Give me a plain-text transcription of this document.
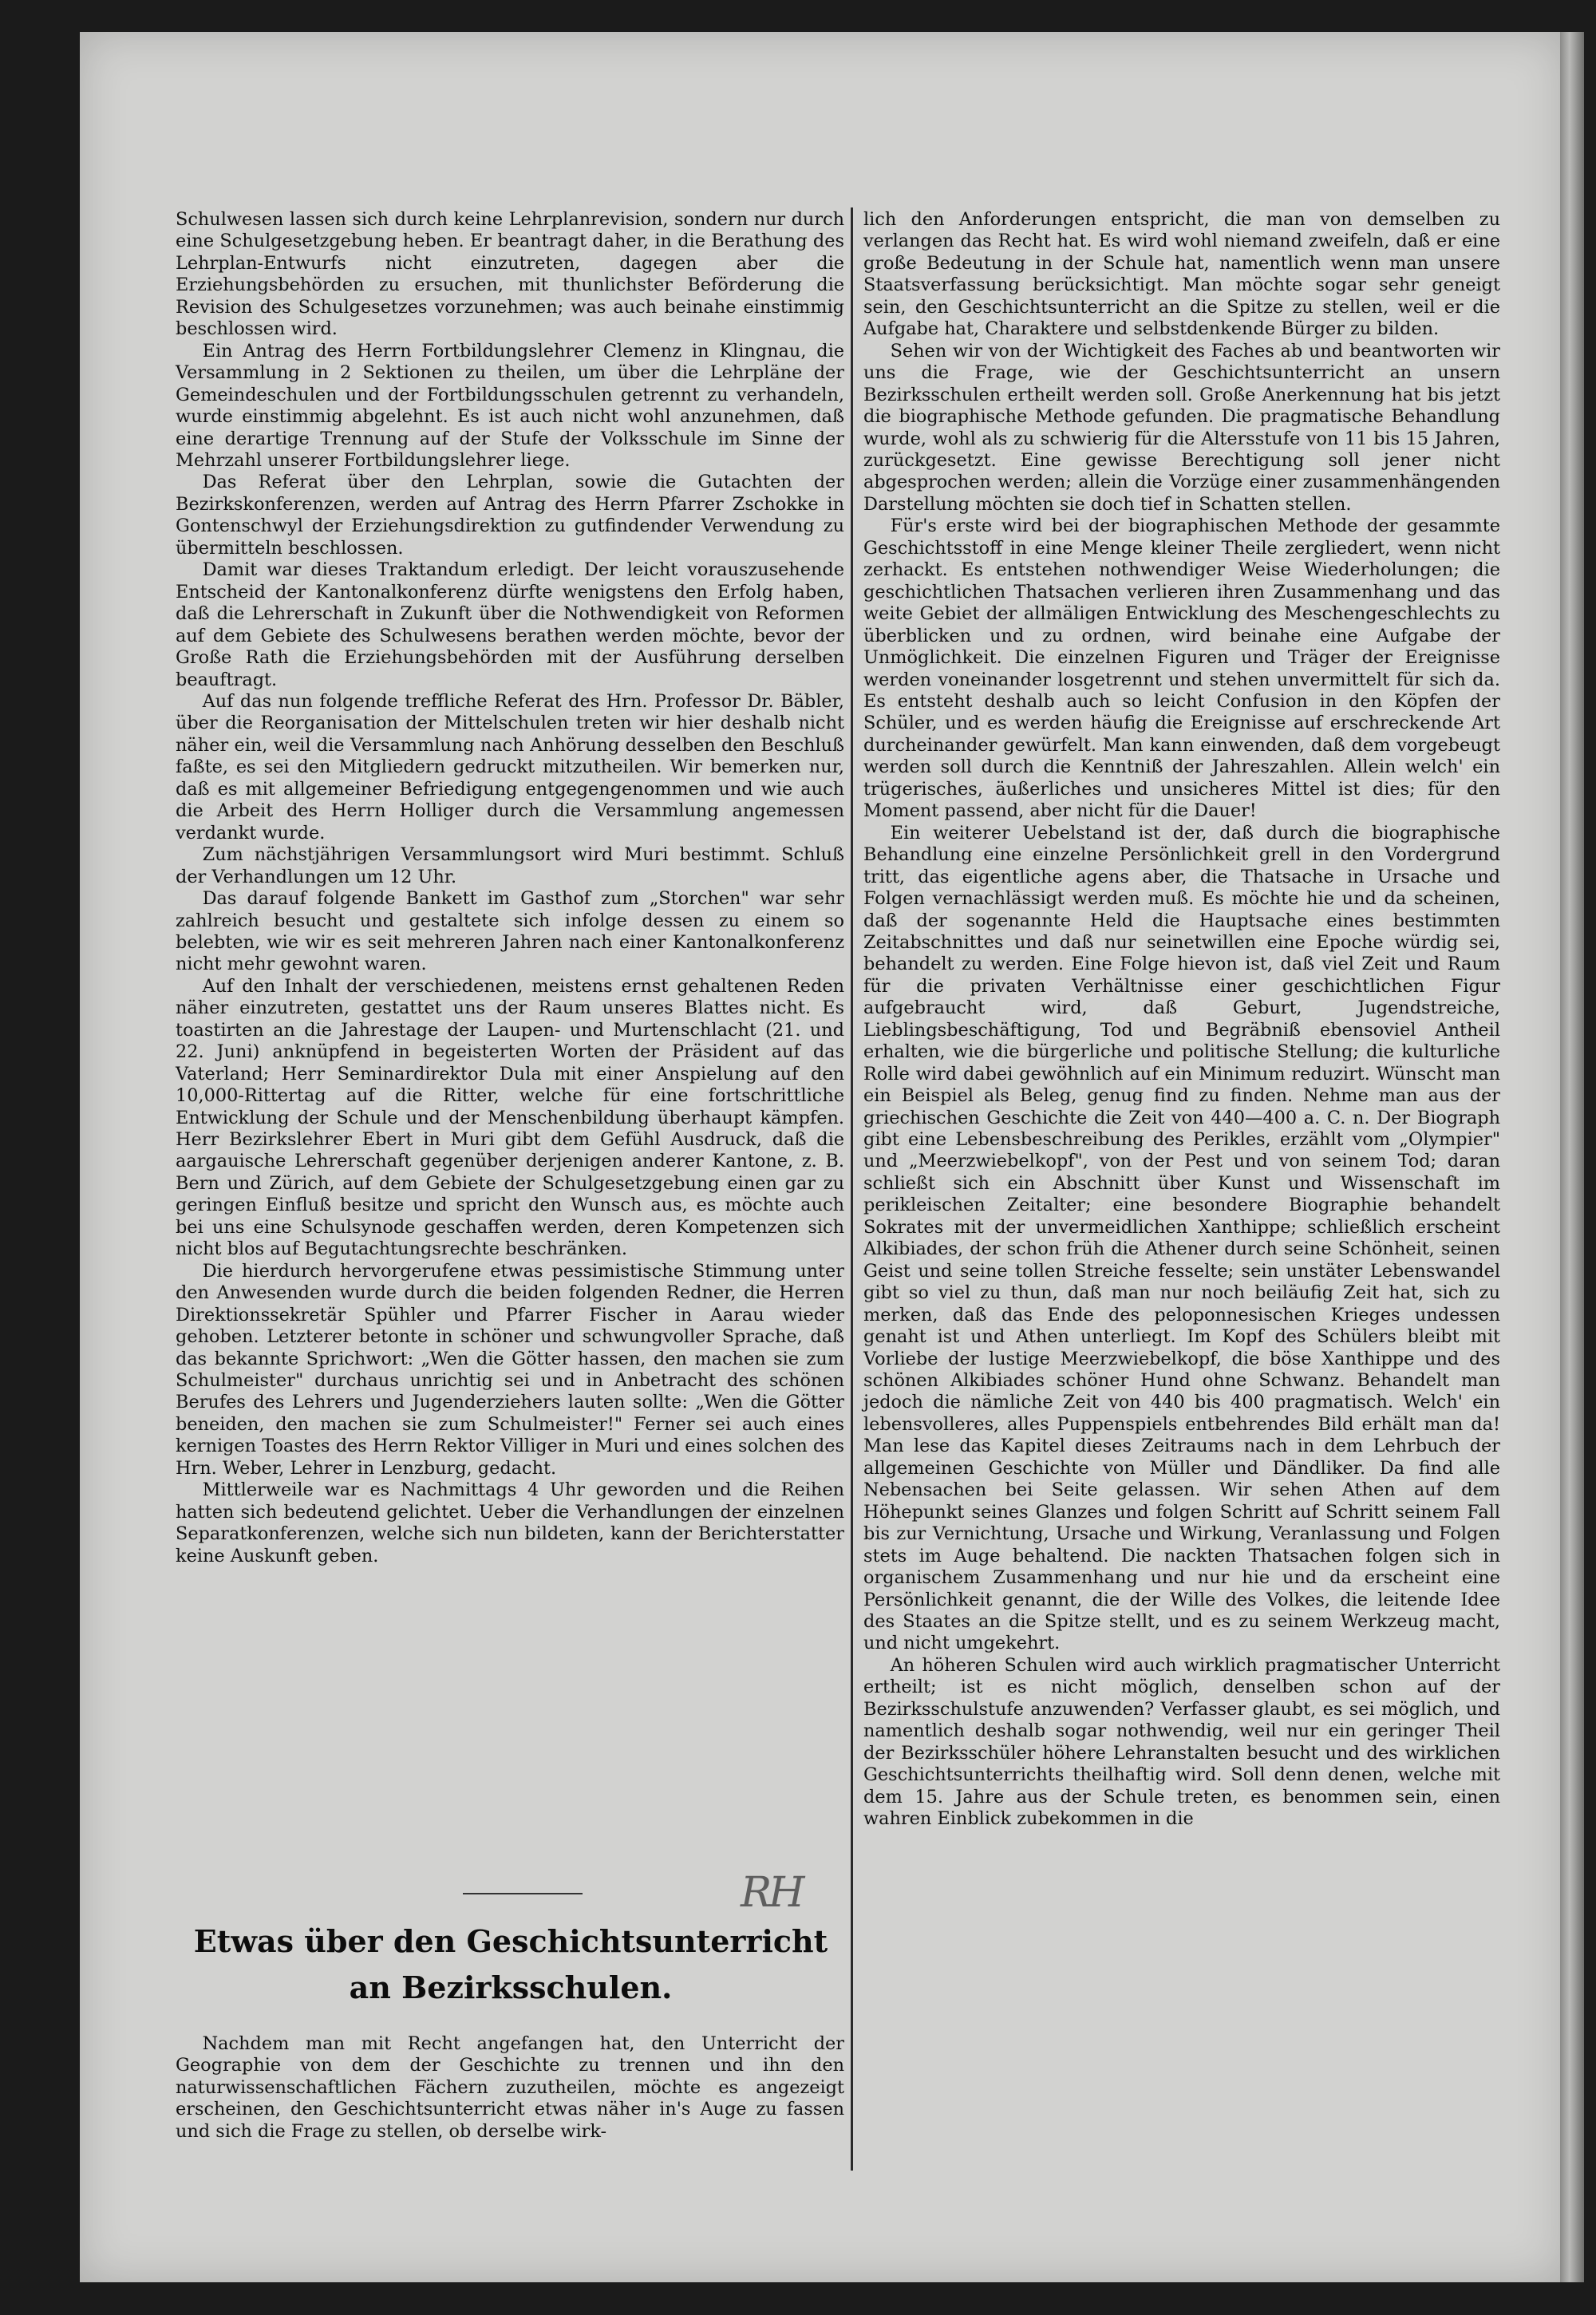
Schulwesen lassen sich durch keine Lehrplanrevision, sondern nur durch eine Schulgesetzgebung heben. Er beantragt daher, in die Berathung des Lehrplan-Entwurfs nicht einzutreten, dagegen aber die Erziehungsbehörden zu ersuchen, mit thunlichster Beförderung die Revision des Schulgesetzes vorzunehmen; was auch beinahe einstimmig beschlossen wird.

Ein Antrag des Herrn Fortbildungslehrer Clemenz in Klingnau, die Versammlung in 2 Sektionen zu theilen, um über die Lehrpläne der Gemeindeschulen und der Fortbildungsschulen getrennt zu verhandeln, wurde einstimmig abgelehnt. Es ist auch nicht wohl anzunehmen, daß eine derartige Trennung auf der Stufe der Volksschule im Sinne der Mehrzahl unserer Fortbildungslehrer liege.

Das Referat über den Lehrplan, sowie die Gutachten der Bezirkskonferenzen, werden auf Antrag des Herrn Pfarrer Zschokke in Gontenschwyl der Erziehungsdirektion zu gutfindender Verwendung zu übermitteln beschlossen.

Damit war dieses Traktandum erledigt. Der leicht vorauszusehende Entscheid der Kantonalkonferenz dürfte wenigstens den Erfolg haben, daß die Lehrerschaft in Zukunft über die Nothwendigkeit von Reformen auf dem Gebiete des Schulwesens berathen werden möchte, bevor der Große Rath die Erziehungsbehörden mit der Ausführung derselben beauftragt.

Auf das nun folgende treffliche Referat des Hrn. Professor Dr. Bäbler, über die Reorganisation der Mittelschulen treten wir hier deshalb nicht näher ein, weil die Versammlung nach Anhörung desselben den Beschluß faßte, es sei den Mitgliedern gedruckt mitzutheilen. Wir bemerken nur, daß es mit allgemeiner Befriedigung entgegengenommen und wie auch die Arbeit des Herrn Holliger durch die Versammlung angemessen verdankt wurde.

Zum nächstjährigen Versammlungsort wird Muri bestimmt. Schluß der Verhandlungen um 12 Uhr.

Das darauf folgende Bankett im Gasthof zum „Storchen" war sehr zahlreich besucht und gestaltete sich infolge dessen zu einem so belebten, wie wir es seit mehreren Jahren nach einer Kantonalkonferenz nicht mehr gewohnt waren.

Auf den Inhalt der verschiedenen, meistens ernst gehaltenen Reden näher einzutreten, gestattet uns der Raum unseres Blattes nicht. Es toastirten an die Jahrestage der Laupen- und Murtenschlacht (21. und 22. Juni) anknüpfend in begeisterten Worten der Präsident auf das Vaterland; Herr Seminardirektor Dula mit einer Anspielung auf den 10,000-Rittertag auf die Ritter, welche für eine fortschrittliche Entwicklung der Schule und der Menschenbildung überhaupt kämpfen. Herr Bezirkslehrer Ebert in Muri gibt dem Gefühl Ausdruck, daß die aargauische Lehrerschaft gegenüber derjenigen anderer Kantone, z. B. Bern und Zürich, auf dem Gebiete der Schulgesetzgebung einen gar zu geringen Einfluß besitze und spricht den Wunsch aus, es möchte auch bei uns eine Schulsynode geschaffen werden, deren Kompetenzen sich nicht blos auf Begutachtungsrechte beschränken.

Die hierdurch hervorgerufene etwas pessimistische Stimmung unter den Anwesenden wurde durch die beiden folgenden Redner, die Herren Direktionssekretär Spühler und Pfarrer Fischer in Aarau wieder gehoben. Letzterer betonte in schöner und schwungvoller Sprache, daß das bekannte Sprichwort: „Wen die Götter hassen, den machen sie zum Schulmeister" durchaus unrichtig sei und in Anbetracht des schönen Berufes des Lehrers und Jugenderziehers lauten sollte: „Wen die Götter beneiden, den machen sie zum Schulmeister!" Ferner sei auch eines kernigen Toastes des Herrn Rektor Villiger in Muri und eines solchen des Hrn. Weber, Lehrer in Lenzburg, gedacht.

Mittlerweile war es Nachmittags 4 Uhr geworden und die Reihen hatten sich bedeutend gelichtet. Ueber die Verhandlungen der einzelnen Separatkonferenzen, welche sich nun bildeten, kann der Berichterstatter keine Auskunft geben.

RH
Etwas über den Geschichtsunterricht an Bezirksschulen.

Nachdem man mit Recht angefangen hat, den Unterricht der Geographie von dem der Geschichte zu trennen und ihn den naturwissenschaftlichen Fächern zuzutheilen, möchte es angezeigt erscheinen, den Geschichtsunterricht etwas näher in's Auge zu fassen und sich die Frage zu stellen, ob derselbe wirk-

lich den Anforderungen entspricht, die man von demselben zu verlangen das Recht hat. Es wird wohl niemand zweifeln, daß er eine große Bedeutung in der Schule hat, namentlich wenn man unsere Staatsverfassung berücksichtigt. Man möchte sogar sehr geneigt sein, den Geschichtsunterricht an die Spitze zu stellen, weil er die Aufgabe hat, Charaktere und selbstdenkende Bürger zu bilden.

Sehen wir von der Wichtigkeit des Faches ab und beantworten wir uns die Frage, wie der Geschichtsunterricht an unsern Bezirksschulen ertheilt werden soll. Große Anerkennung hat bis jetzt die biographische Methode gefunden. Die pragmatische Behandlung wurde, wohl als zu schwierig für die Altersstufe von 11 bis 15 Jahren, zurückgesetzt. Eine gewisse Berechtigung soll jener nicht abgesprochen werden; allein die Vorzüge einer zusammenhängenden Darstellung möchten sie doch tief in Schatten stellen.

Für's erste wird bei der biographischen Methode der gesammte Geschichtsstoff in eine Menge kleiner Theile zergliedert, wenn nicht zerhackt. Es entstehen nothwendiger Weise Wiederholungen; die geschichtlichen Thatsachen verlieren ihren Zusammenhang und das weite Gebiet der allmäligen Entwicklung des Meschengeschlechts zu überblicken und zu ordnen, wird beinahe eine Aufgabe der Unmöglichkeit. Die einzelnen Figuren und Träger der Ereignisse werden voneinander losgetrennt und stehen unvermittelt für sich da. Es entsteht deshalb auch so leicht Confusion in den Köpfen der Schüler, und es werden häufig die Ereignisse auf erschreckende Art durcheinander gewürfelt. Man kann einwenden, daß dem vorgebeugt werden soll durch die Kenntniß der Jahreszahlen. Allein welch' ein trügerisches, äußerliches und unsicheres Mittel ist dies; für den Moment passend, aber nicht für die Dauer!

Ein weiterer Uebelstand ist der, daß durch die biographische Behandlung eine einzelne Persönlichkeit grell in den Vordergrund tritt, das eigentliche agens aber, die Thatsache in Ursache und Folgen vernachlässigt werden muß. Es möchte hie und da scheinen, daß der sogenannte Held die Hauptsache eines bestimmten Zeitabschnittes und daß nur seinetwillen eine Epoche würdig sei, behandelt zu werden. Eine Folge hievon ist, daß viel Zeit und Raum für die privaten Verhältnisse einer geschichtlichen Figur aufgebraucht wird, daß Geburt, Jugendstreiche, Lieblingsbeschäftigung, Tod und Begräbniß ebensoviel Antheil erhalten, wie die bürgerliche und politische Stellung; die kulturliche Rolle wird dabei gewöhnlich auf ein Minimum reduzirt. Wünscht man ein Beispiel als Beleg, genug find zu finden. Nehme man aus der griechischen Geschichte die Zeit von 440—400 a. C. n. Der Biograph gibt eine Lebensbeschreibung des Perikles, erzählt vom „Olympier" und „Meerzwiebelkopf", von der Pest und von seinem Tod; daran schließt sich ein Abschnitt über Kunst und Wissenschaft im perikleischen Zeitalter; eine besondere Biographie behandelt Sokrates mit der unvermeidlichen Xanthippe; schließlich erscheint Alkibiades, der schon früh die Athener durch seine Schönheit, seinen Geist und seine tollen Streiche fesselte; sein unstäter Lebenswandel gibt so viel zu thun, daß man nur noch beiläufig Zeit hat, sich zu merken, daß das Ende des peloponnesischen Krieges undessen genaht ist und Athen unterliegt. Im Kopf des Schülers bleibt mit Vorliebe der lustige Meerzwiebelkopf, die böse Xanthippe und des schönen Alkibiades schöner Hund ohne Schwanz. Behandelt man jedoch die nämliche Zeit von 440 bis 400 pragmatisch. Welch' ein lebensvolleres, alles Puppenspiels entbehrendes Bild erhält man da! Man lese das Kapitel dieses Zeitraums nach in dem Lehrbuch der allgemeinen Geschichte von Müller und Dändliker. Da find alle Nebensachen bei Seite gelassen. Wir sehen Athen auf dem Höhepunkt seines Glanzes und folgen Schritt auf Schritt seinem Fall bis zur Vernichtung, Ursache und Wirkung, Veranlassung und Folgen stets im Auge behaltend. Die nackten Thatsachen folgen sich in organischem Zusammenhang und nur hie und da erscheint eine Persönlichkeit genannt, die der Wille des Volkes, die leitende Idee des Staates an die Spitze stellt, und es zu seinem Werkzeug macht, und nicht umgekehrt.

An höheren Schulen wird auch wirklich pragmatischer Unterricht ertheilt; ist es nicht möglich, denselben schon auf der Bezirksschulstufe anzuwenden? Verfasser glaubt, es sei möglich, und namentlich deshalb sogar nothwendig, weil nur ein geringer Theil der Bezirksschüler höhere Lehranstalten besucht und des wirklichen Geschichtsunterrichts theilhaftig wird. Soll denn denen, welche mit dem 15. Jahre aus der Schule treten, es benommen sein, einen wahren Einblick zubekommen in die
